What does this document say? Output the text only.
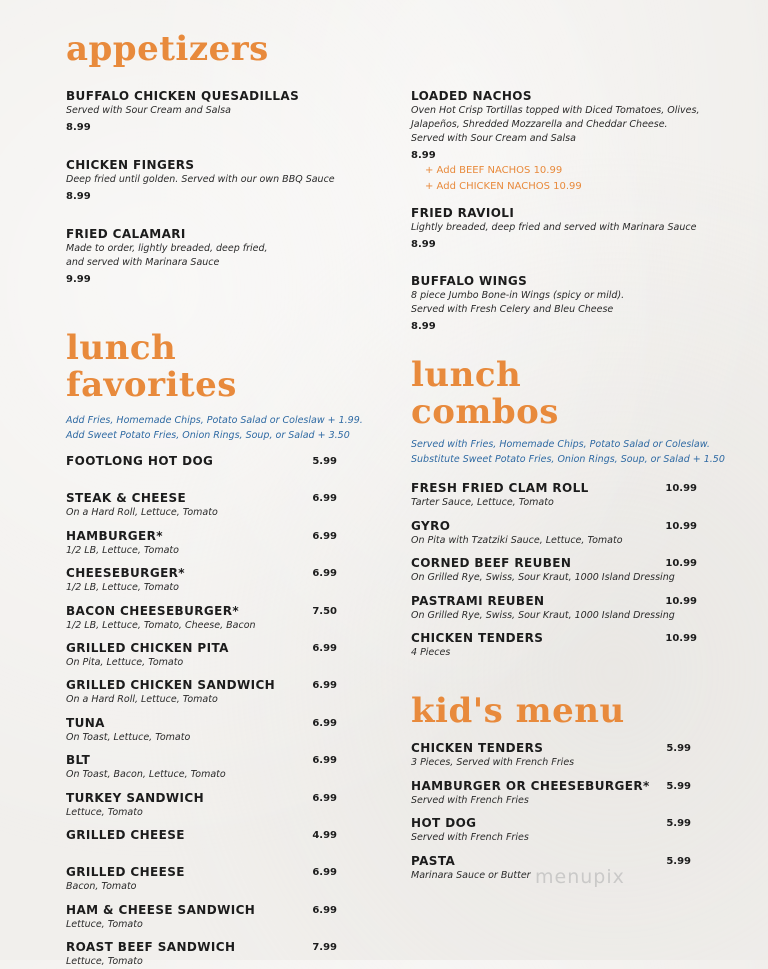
appetizers
BUFFALO CHICKEN QUESADILLAS
Served with Sour Cream and Salsa
8.99
CHICKEN FINGERS
Deep fried until golden. Served with our own BBQ Sauce
8.99
FRIED CALAMARI
Made to order, lightly breaded, deep fried,
and served with Marinara Sauce
9.99
lunch
favorites
Add Fries, Homemade Chips, Potato Salad or Coleslaw + 1.99.
Add Sweet Potato Fries, Onion Rings, Soup, or Salad + 3.50
FOOTLONG HOT DOG	5.99
STEAK & CHEESE
On a Hard Roll, Lettuce, Tomato
6.99
HAMBURGER*
1/2 LB, Lettuce, Tomato
6.99
CHEESEBURGER*
1/2 LB, Lettuce, Tomato
6.99
BACON CHEESEBURGER*
1/2 LB, Lettuce, Tomato, Cheese, Bacon
7.50
GRILLED CHICKEN PITA
On Pita, Lettuce, Tomato
6.99
GRILLED CHICKEN SANDWICH
On a Hard Roll, Lettuce, Tomato
6.99
TUNA
On Toast, Lettuce, Tomato
6.99
BLT
On Toast, Bacon, Lettuce, Tomato
6.99
TURKEY SANDWICH
Lettuce, Tomato
6.99
GRILLED CHEESE	4.99
GRILLED CHEESE
Bacon, Tomato
6.99
HAM & CHEESE SANDWICH
Lettuce, Tomato
6.99
ROAST BEEF SANDWICH
Lettuce, Tomato
7.99
LOADED NACHOS
Oven Hot Crisp Tortillas topped with Diced Tomatoes, Olives,
Jalapeños, Shredded Mozzarella and Cheddar Cheese.
Served with Sour Cream and Salsa
8.99
+ Add BEEF NACHOS 10.99
+ Add CHICKEN NACHOS 10.99
FRIED RAVIOLI
Lightly breaded, deep fried and served with Marinara Sauce
8.99
BUFFALO WINGS
8 piece Jumbo Bone-in Wings (spicy or mild).
Served with Fresh Celery and Bleu Cheese
8.99
lunch
combos
Served with Fries, Homemade Chips, Potato Salad or Coleslaw.
Substitute Sweet Potato Fries, Onion Rings, Soup, or Salad + 1.50
FRESH FRIED CLAM ROLL
Tarter Sauce, Lettuce, Tomato
10.99
GYRO
On Pita with Tzatziki Sauce, Lettuce, Tomato
10.99
CORNED BEEF REUBEN
On Grilled Rye, Swiss, Sour Kraut, 1000 Island Dressing
10.99
PASTRAMI REUBEN
On Grilled Rye, Swiss, Sour Kraut, 1000 Island Dressing
10.99
CHICKEN TENDERS
4 Pieces
10.99
kid's menu
CHICKEN TENDERS
3 Pieces, Served with French Fries
5.99
HAMBURGER OR CHEESEBURGER*
Served with French Fries
5.99
HOT DOG
Served with French Fries
5.99
PASTA
Marinara Sauce or Butter
5.99
menupix
